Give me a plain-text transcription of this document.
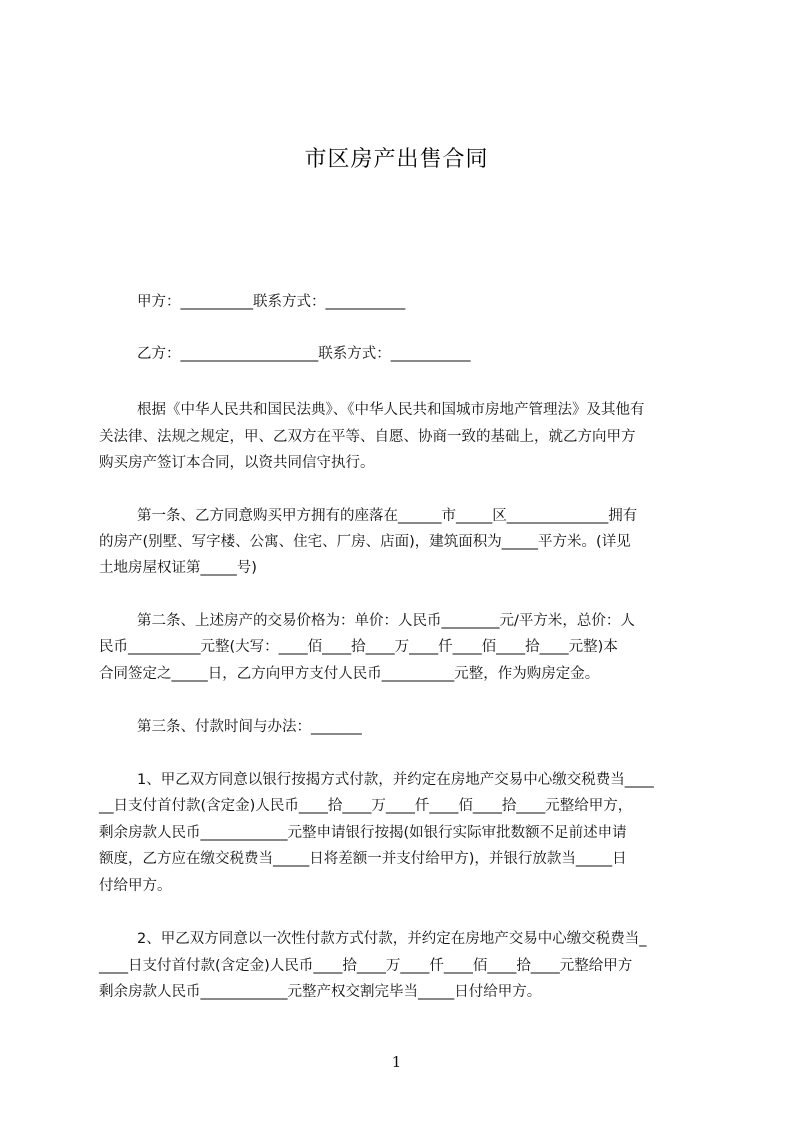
市区房产出售合同
甲方：__________联系方式：___________
乙方：___________________联系方式：___________
根据《中华人民共和国民法典》、《中华人民共和国城市房地产管理法》及其他有
关法律、法规之规定，甲、乙双方在平等、自愿、协商一致的基础上，就乙方向甲方
购买房产签订本合同，以资共同信守执行。
第一条、乙方同意购买甲方拥有的座落在______市_____区______________拥有
的房产(别墅、写字楼、公寓、住宅、厂房、店面)，建筑面积为_____平方米。(详见
土地房屋权证第_____号)
第二条、上述房产的交易价格为：单价：人民币________元/平方米，总价：人
民币__________元整(大写：____佰____拾____万____仟____佰____拾____元整)本
合同签定之_____日，乙方向甲方支付人民币__________元整，作为购房定金。
第三条、付款时间与办法：_______
1、甲乙双方同意以银行按揭方式付款，并约定在房地产交易中心缴交税费当____
__日支付首付款(含定金)人民币____拾____万____仟____佰____拾____元整给甲方，
剩余房款人民币____________元整申请银行按揭(如银行实际审批数额不足前述申请
额度，乙方应在缴交税费当_____日将差额一并支付给甲方)，并银行放款当_____日
付给甲方。
2、甲乙双方同意以一次性付款方式付款，并约定在房地产交易中心缴交税费当_
____日支付首付款(含定金)人民币____拾____万____仟____佰____拾____元整给甲方
剩余房款人民币____________元整产权交割完毕当_____日付给甲方。
1
